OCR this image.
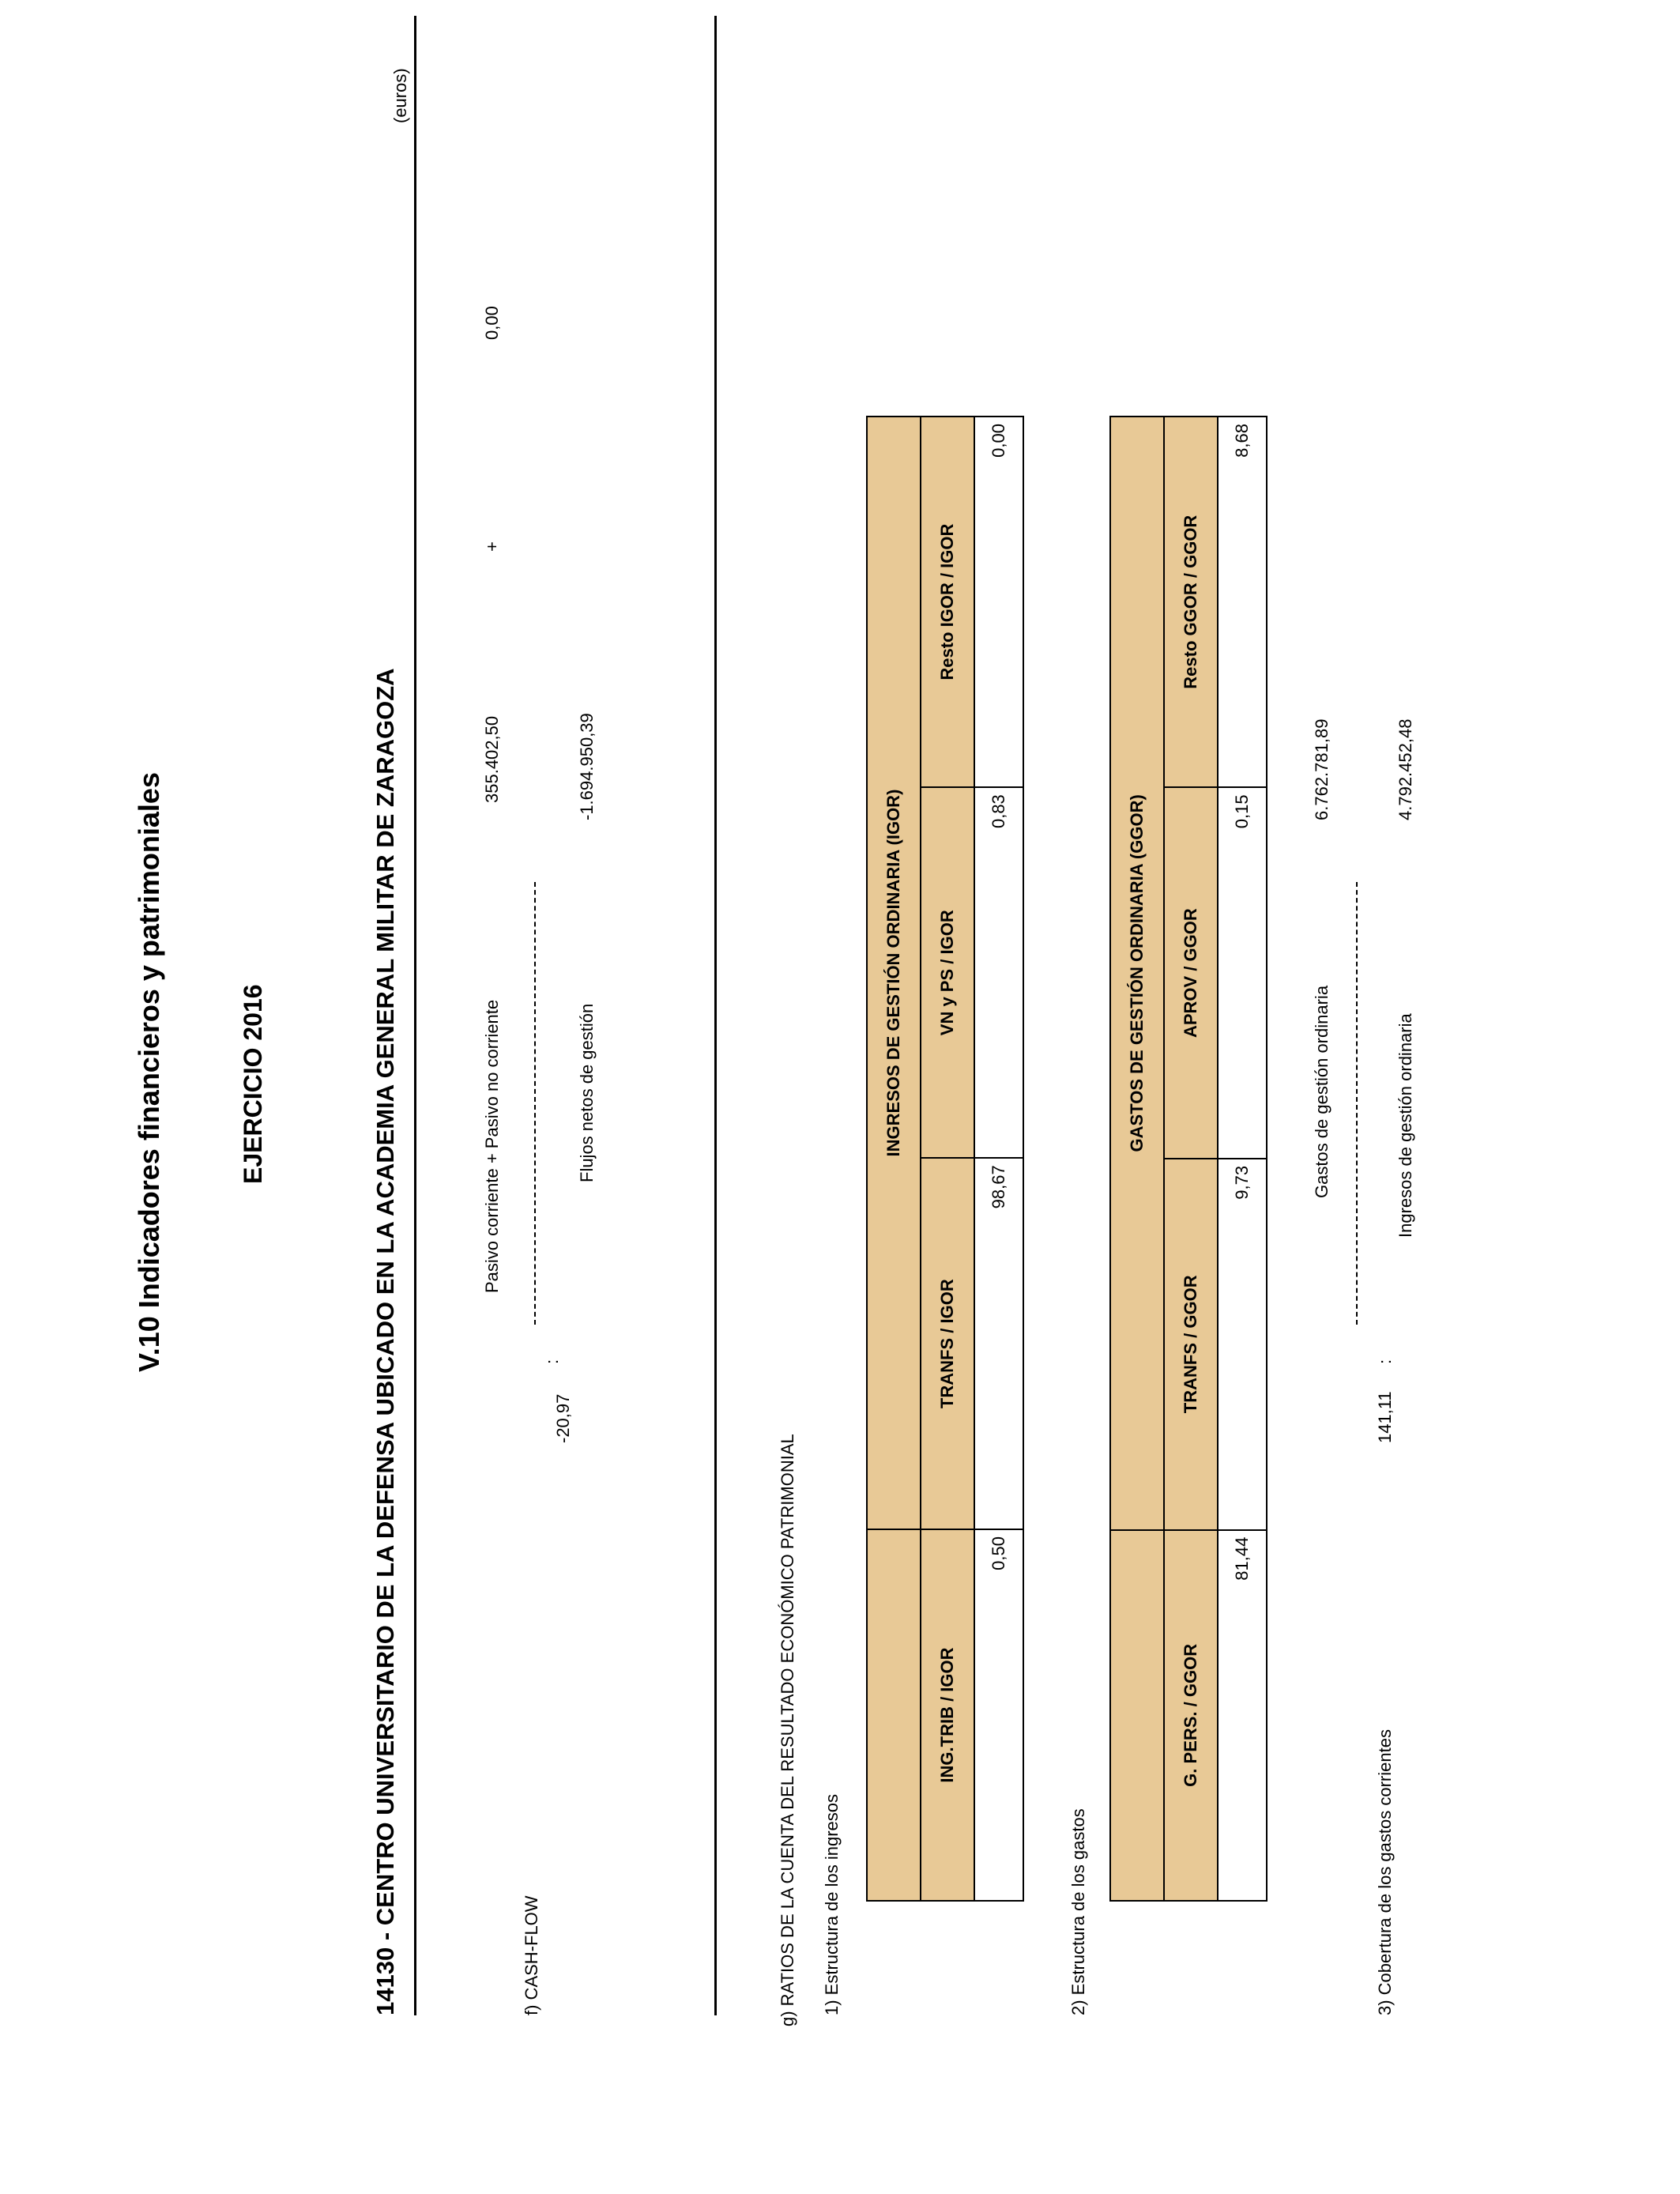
V.10 Indicadores financieros y patrimoniales	EJERCICIO 2016	14130 - CENTRO UNIVERSITARIO DE LA DEFENSA UBICADO EN LA ACADEMIA GENERAL MILITAR DE ZARAGOZA
(euros)
f) CASH-FLOW
-20,97
:
Pasivo corriente + Pasivo no corriente
355.402,50
+
0,00
Flujos netos de gestión
-1.694.950,39
g) RATIOS DE LA CUENTA DEL RESULTADO ECONÓMICO PATRIMONIAL 1) Estructura de los ingresos
	INGRESOS DE GESTIÓN ORDINARIA (IGOR)		
ING.TRIB / IGOR	TRANFS / IGOR	VN y PS / IGOR	Resto IGOR / IGOR
0,50	98,67	0,83	0,00
2) Estructura de los gastos
	GASTOS DE GESTIÓN ORDINARIA (GGOR)		
G. PERS. / GGOR	TRANFS / GGOR	APROV / GGOR	Resto GGOR / GGOR
81,44	9,73	0,15	8,68
3) Cobertura de los gastos corrientes
141,11
:
Gastos de gestión ordinaria
6.762.781,89
Ingresos de gestión ordinaria
4.792.452,48
